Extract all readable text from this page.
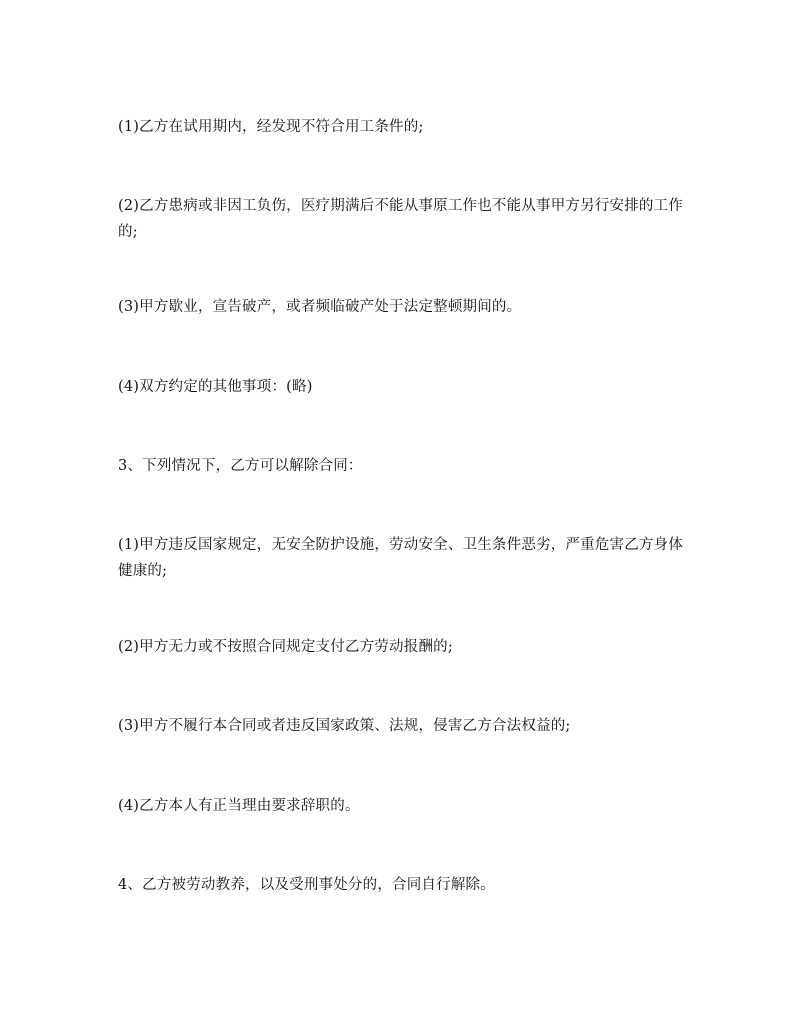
(1)乙方在试用期内，经发现不符合用工条件的;

(2)乙方患病或非因工负伤，医疗期满后不能从事原工作也不能从事甲方另行安排的工作的;

(3)甲方歇业，宣告破产，或者频临破产处于法定整顿期间的。

(4)双方约定的其他事项：(略)

3、下列情况下，乙方可以解除合同：

(1)甲方违反国家规定，无安全防护设施，劳动安全、卫生条件恶劣，严重危害乙方身体健康的;

(2)甲方无力或不按照合同规定支付乙方劳动报酬的;

(3)甲方不履行本合同或者违反国家政策、法规，侵害乙方合法权益的;

(4)乙方本人有正当理由要求辞职的。

4、乙方被劳动教养，以及受刑事处分的，合同自行解除。
